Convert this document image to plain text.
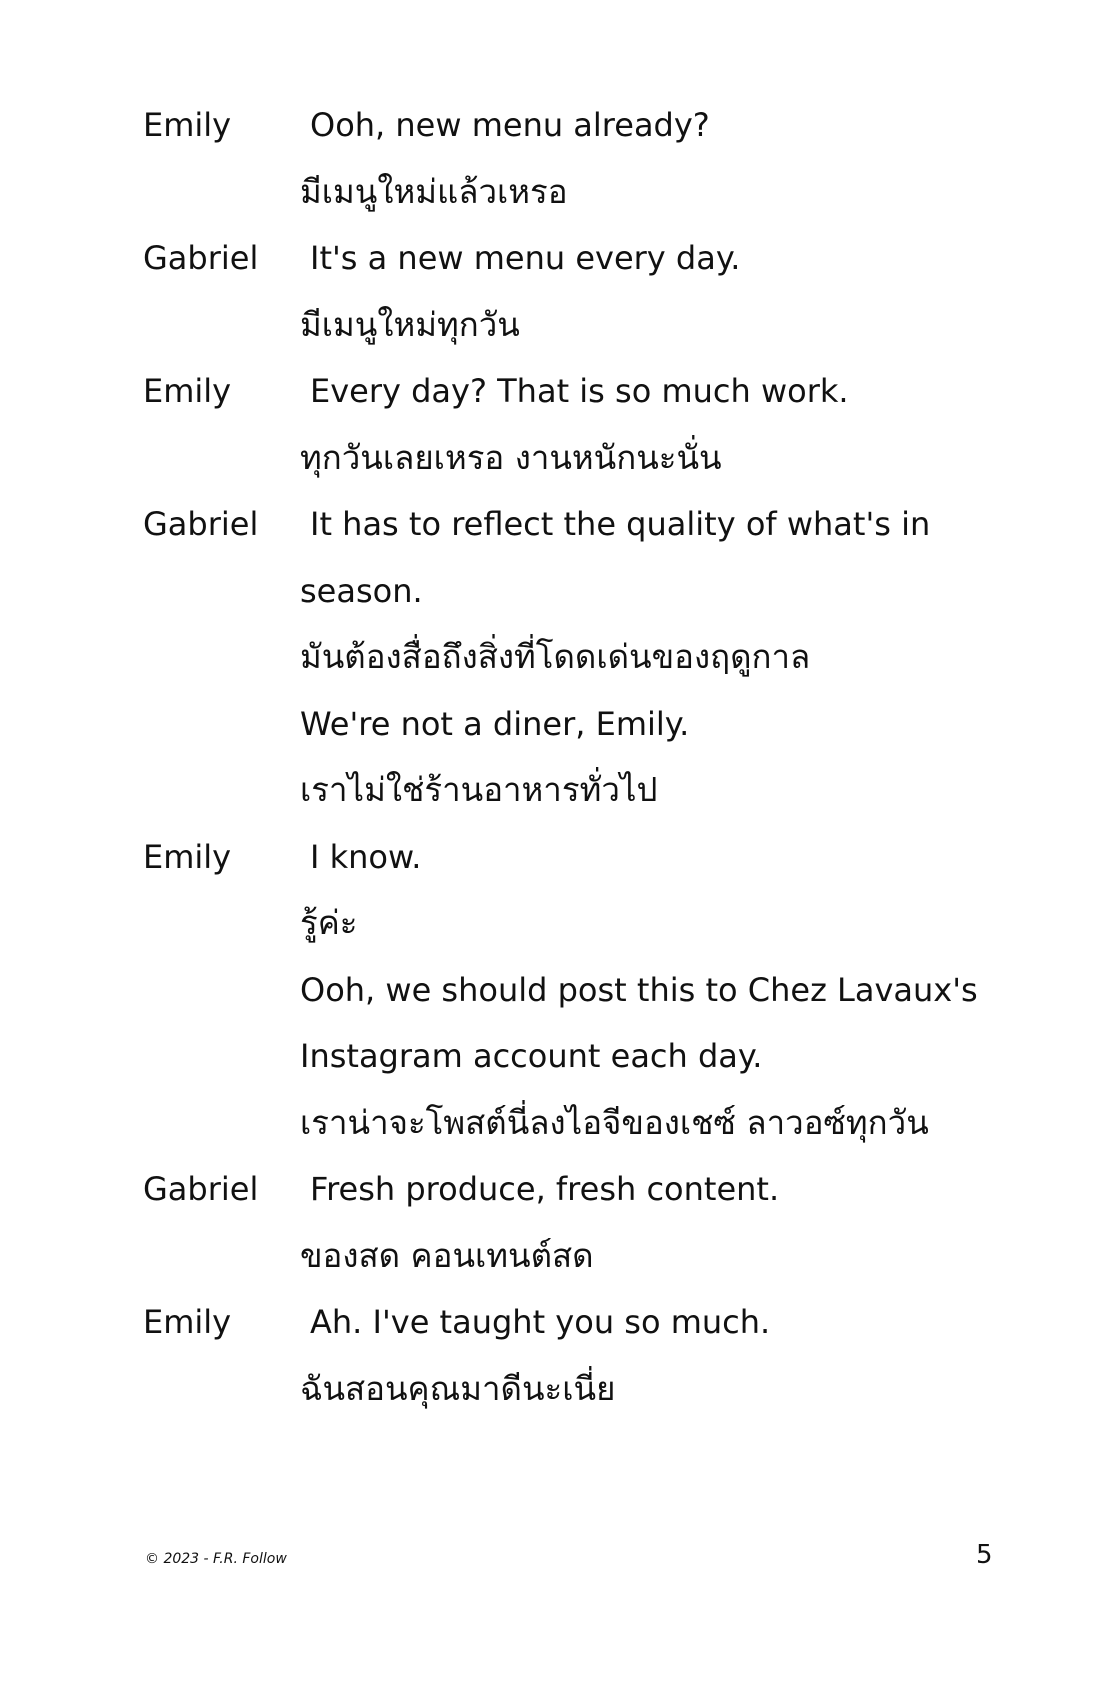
Emily	Ooh, new menu already?
มีเมนูใหม่แล้วเหรอ
Gabriel	It's a new menu every day.
มีเมนูใหม่ทุกวัน
Emily	Every day? That is so much work.
ทุกวันเลยเหรอ งานหนักนะนั่น
Gabriel	It has to reflect the quality of what's in
season.
มันต้องสื่อถึงสิ่งที่โดดเด่นของฤดูกาล
We're not a diner, Emily.
เราไม่ใช่ร้านอาหารทั่วไป
Emily	I know.
รู้ค่ะ
Ooh, we should post this to Chez Lavaux's
Instagram account each day.
เราน่าจะโพสต์นี่ลงไอจีของเชซ์ ลาวอซ์ทุกวัน
Gabriel	Fresh produce, fresh content.
ของสด คอนเทนต์สด
Emily	Ah. I've taught you so much.
ฉันสอนคุณมาดีนะเนี่ย
© 2023 - F.R. Follow	5
